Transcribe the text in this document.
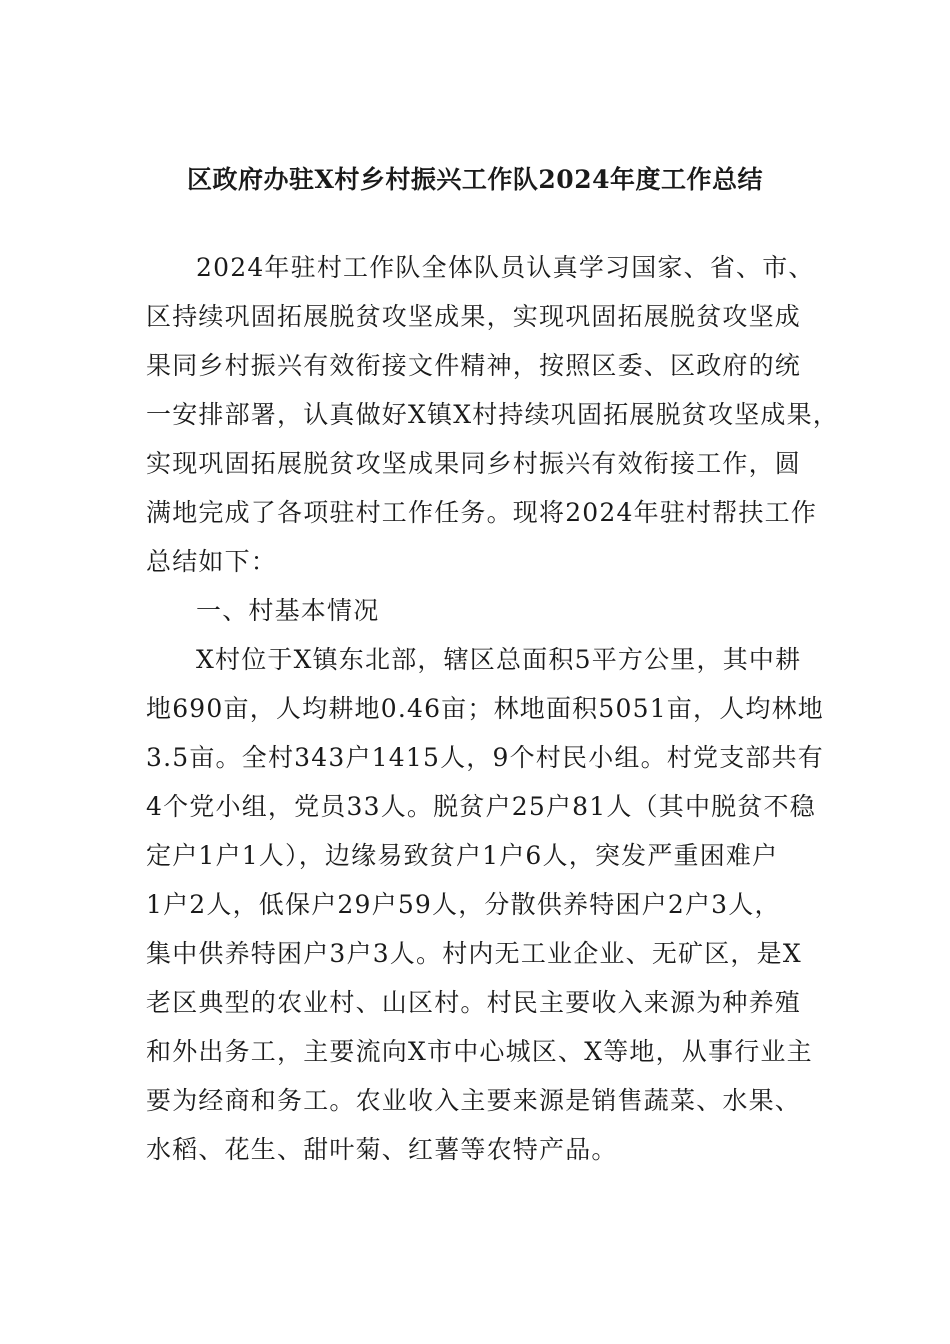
区政府办驻X村乡村振兴工作队2024年度工作总结

2024年驻村工作队全体队员认真学习国家、省、市、

区持续巩固拓展脱贫攻坚成果，实现巩固拓展脱贫攻坚成

果同乡村振兴有效衔接文件精神，按照区委、区政府的统

一安排部署，认真做好X镇X村持续巩固拓展脱贫攻坚成果，

实现巩固拓展脱贫攻坚成果同乡村振兴有效衔接工作，圆

满地完成了各项驻村工作任务。现将2024年驻村帮扶工作

总结如下：

一、村基本情况

X村位于X镇东北部，辖区总面积5平方公里，其中耕

地690亩，人均耕地0.46亩；林地面积5051亩，人均林地

3.5亩。全村343户1415人，9个村民小组。村党支部共有

4个党小组，党员33人。脱贫户25户81人（其中脱贫不稳

定户1户1人），边缘易致贫户1户6人，突发严重困难户

1户2人，低保户29户59人，分散供养特困户2户3人，

集中供养特困户3户3人。村内无工业企业、无矿区，是X

老区典型的农业村、山区村。村民主要收入来源为种养殖

和外出务工，主要流向X市中心城区、X等地，从事行业主

要为经商和务工。农业收入主要来源是销售蔬菜、水果、

水稻、花生、甜叶菊、红薯等农特产品。
